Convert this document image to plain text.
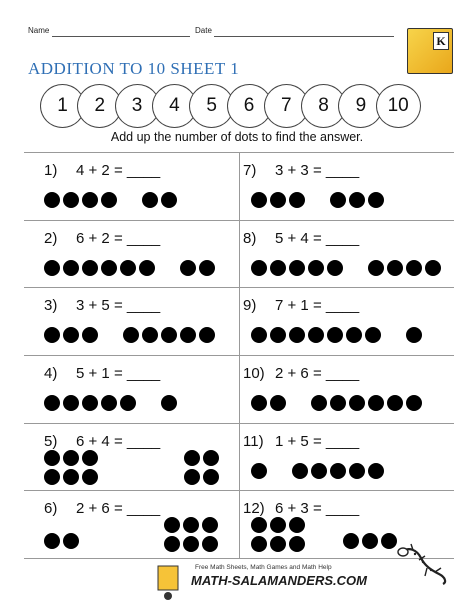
Name	Date
K
ADDITION TO 10 SHEET 1
1	2	3	4	5	6	7	8	9	10
Add up the number of dots to find the answer.
1) 4 + 2 = ____	7) 3 + 3 = ____
2) 6 + 2 = ____	8) 5 + 4 = ____
3) 3 + 5 = ____	9) 7 + 1 = ____
4) 5 + 1 = ____	10) 2 + 6 = ____
5) 6 + 4 = ____	11) 1 + 5 = ____
6) 2 + 6 = ____	12) 6 + 3 = ____
Free Math Sheets, Math Games and Math Help
MATH-SALAMANDERS.COM
